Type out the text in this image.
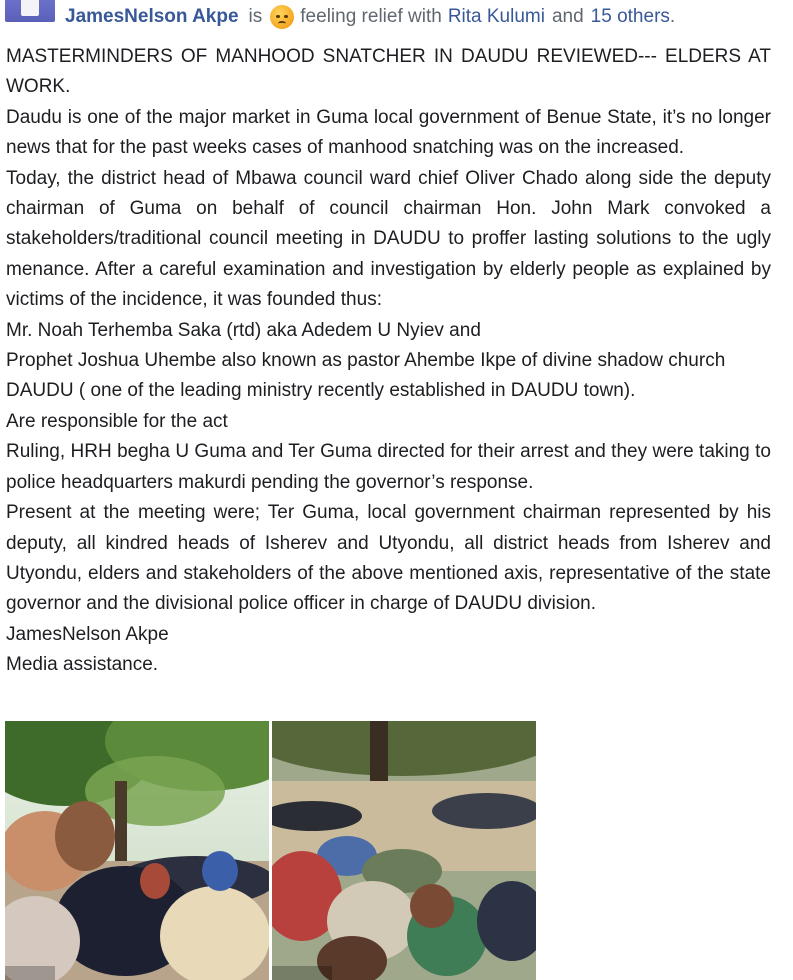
JamesNelson Akpe is feeling relief with Rita Kulumi and 15 others .

MASTERMINDERS OF MANHOOD SNATCHER IN DAUDU REVIEWED--- ELDERS AT WORK.

Daudu is one of the major market in Guma local government of Benue State, it’s no longer news that for the past weeks cases of manhood snatching was on the increased.

Today, the district head of Mbawa council ward chief Oliver Chado along side the deputy chairman of Guma on behalf of council chairman Hon. John Mark convoked a stakeholders/traditional council meeting in DAUDU to proffer lasting solutions to the ugly menance. After a careful examination and investigation by elderly people as explained by victims of the incidence, it was founded thus:

Mr. Noah Terhemba Saka (rtd) aka Adedem U Nyiev and

Prophet Joshua Uhembe also known as pastor Ahembe Ikpe of divine shadow church DAUDU ( one of the leading ministry recently established in DAUDU town).

Are responsible for the act

Ruling, HRH begha U Guma and Ter Guma directed for their arrest and they were taking to police headquarters makurdi pending the governor’s response.

Present at the meeting were; Ter Guma, local government chairman represented by his deputy, all kindred heads of Isherev and Utyondu, all district heads from Isherev and Utyondu, elders and stakeholders of the above mentioned axis, representative of the state governor and the divisional police officer in charge of DAUDU division.

JamesNelson Akpe

Media assistance.
